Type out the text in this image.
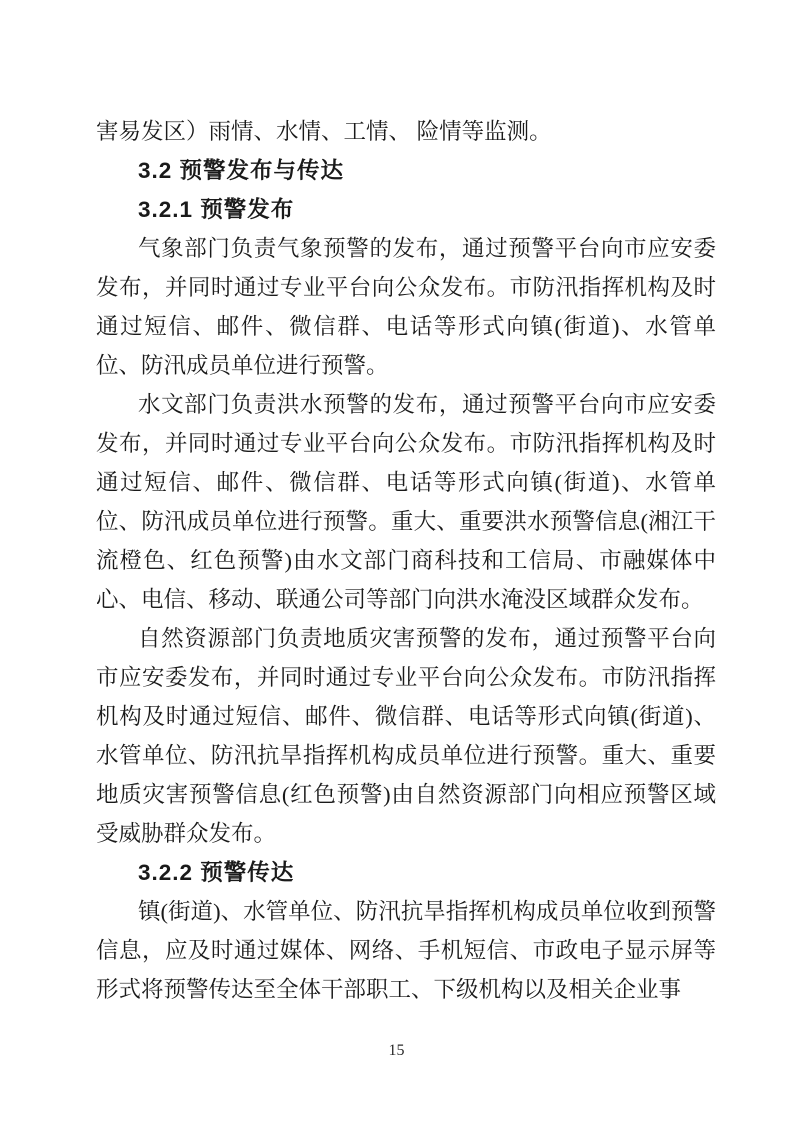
害易发区）雨情、水情、工情、 险情等监测。

3.2 预警发布与传达

3.2.1 预警发布

气象部门负责气象预警的发布，通过预警平台向市应安委发布，并同时通过专业平台向公众发布。市防汛指挥机构及时通过短信、邮件、微信群、电话等形式向镇(街道)、水管单位、防汛成员单位进行预警。

水文部门负责洪水预警的发布，通过预警平台向市应安委发布，并同时通过专业平台向公众发布。市防汛指挥机构及时通过短信、邮件、微信群、电话等形式向镇(街道)、水管单位、防汛成员单位进行预警。重大、重要洪水预警信息(湘江干流橙色、红色预警)由水文部门商科技和工信局、市融媒体中心、电信、移动、联通公司等部门向洪水淹没区域群众发布。

自然资源部门负责地质灾害预警的发布，通过预警平台向市应安委发布，并同时通过专业平台向公众发布。市防汛指挥机构及时通过短信、邮件、微信群、电话等形式向镇(街道)、水管单位、防汛抗旱指挥机构成员单位进行预警。重大、重要地质灾害预警信息(红色预警)由自然资源部门向相应预警区域受威胁群众发布。

3.2.2 预警传达

镇(街道)、水管单位、防汛抗旱指挥机构成员单位收到预警信息，应及时通过媒体、网络、手机短信、市政电子显示屏等形式将预警传达至全体干部职工、下级机构以及相关企业事

15
